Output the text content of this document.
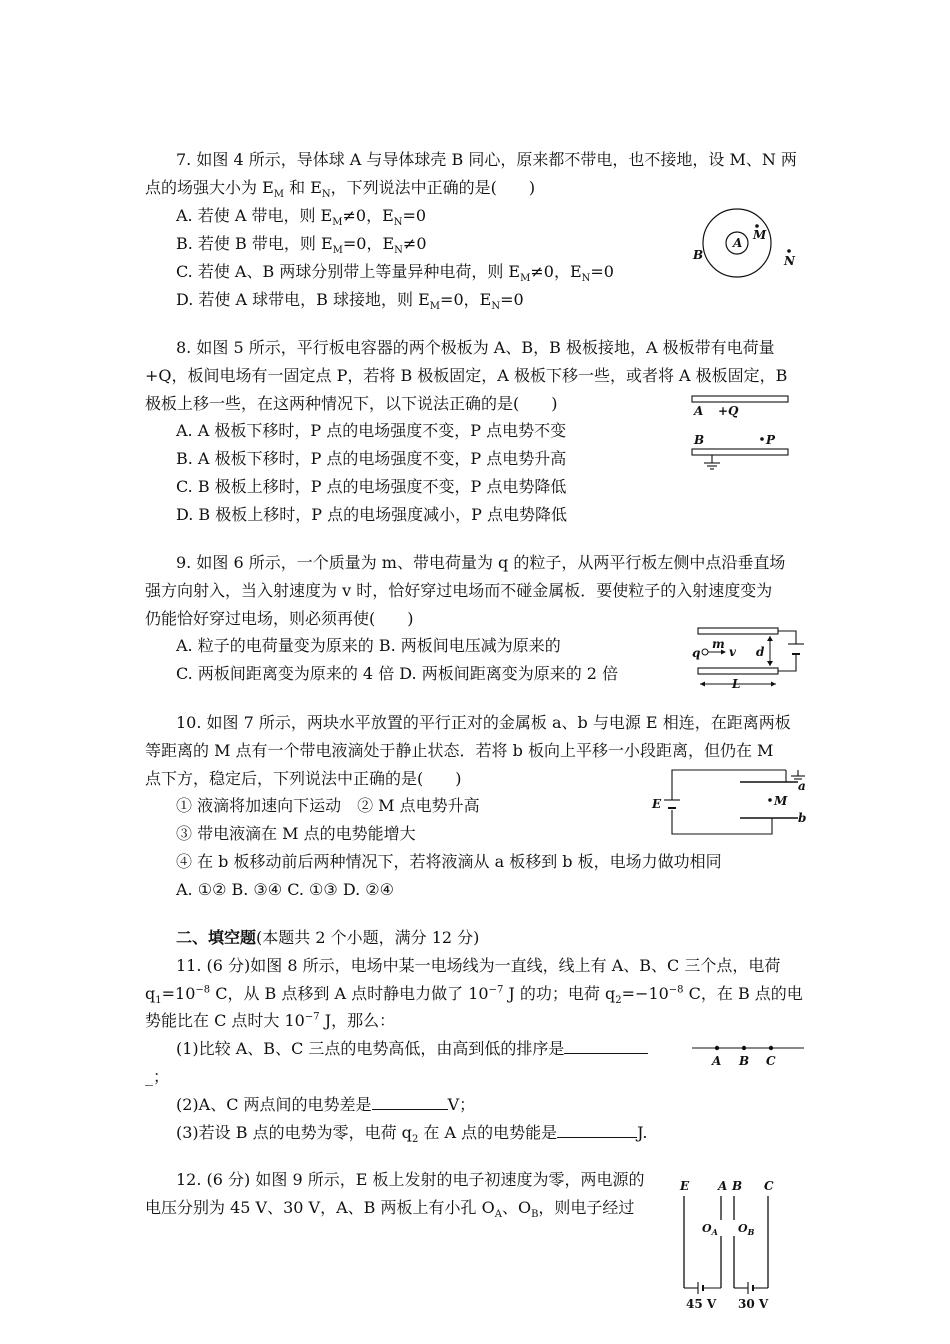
7. 如图 4 所示，导体球 A 与导体球壳 B 同心，原来都不带电，也不接地，设 M、N 两
点的场强大小为 $E_M$ 和 $E_N$，下列说法中正确的是(　　)
A. 若使 A 带电，则 $E_M\ne 0$，$E_N=0$
B. 若使 B 带电，则 $E_M=0$，$E_N\ne 0$
C. 若使 A、B 两球分别带上等量异种电荷，则 $E_M\ne 0$，$E_N=0$
D. 若使 A 球带电，B 球接地，则 $E_M=0$，$E_N=0$
A
B
M
N
8. 如图 5 所示，平行板电容器的两个极板为 A、B，B 极板接地，A 极板带有电荷量
+Q，板间电场有一固定点 P，若将 B 极板固定，A 极板下移一些，或者将 A 极板固定，B
极板上移一些，在这两种情况下，以下说法正确的是(　　)
A. A 极板下移时，P 点的电场强度不变，P 点电势不变
B. A 极板下移时，P 点的电场强度不变，P 点电势升高
C. B 极板上移时，P 点的电场强度不变，P 点电势降低
D. B 极板上移时，P 点的电场强度减小，P 点电势降低
A +Q
B	P
9. 如图 6 所示，一个质量为 m、带电荷量为 q 的粒子，从两平行板左侧中点沿垂直场
强方向射入，当入射速度为 v 时，恰好穿过电场而不碰金属板．要使粒子的入射速度变为
仍能恰好穿过电场，则必须再使(　　)
A. 粒子的电荷量变为原来的 B. 两板间电压减为原来的
C. 两板间距离变为原来的 4 倍 D. 两板间距离变为原来的 2 倍
d
q
m
v
L
10. 如图 7 所示，两块水平放置的平行正对的金属板 a、b 与电源 E 相连，在距离两板
等距离的 M 点有一个带电液滴处于静止状态．若将 b 板向上平移一小段距离，但仍在 M
点下方，稳定后，下列说法中正确的是(　　)
① 液滴将加速向下运动　② M 点电势升高
③ 带电液滴在 M 点的电势能增大
④ 在 b 板移动前后两种情况下，若将液滴从 a 板移到 b 板，电场力做功相同
A. ①② B. ③④ C. ①③ D. ②④
E
a
M
b
二、填空题(本题共 2 个小题，满分 12 分)
11. (6 分)如图 8 所示，电场中某一电场线为一直线，线上有 A、B、C 三个点，电荷
$q_1=10^{-8}$ C，从 B 点移到 A 点时静电力做了 $10^{-7}$ J 的功；电荷 $q_2=-10^{-8}$ C，在 B 点的电
势能比在 C 点时大 $10^{-7}$ J，那么：
(1)比较 A、B、C 三点的电势高低，由高到低的排序是
_；
(2)A、C 两点间的电势差是	V；
(3)若设 B 点的电势为零，电荷 $q_2$ 在 A 点的电势能是	J.
A B C
12. (6 分) 如图 9 所示，E 板上发射的电子初速度为零，两电源的
电压分别为 45 V、30 V，A、B 两板上有小孔 $O_A$、$O_B$，则电子经过
E A B C
$O_A$ $O_B$
45 V 30 V
